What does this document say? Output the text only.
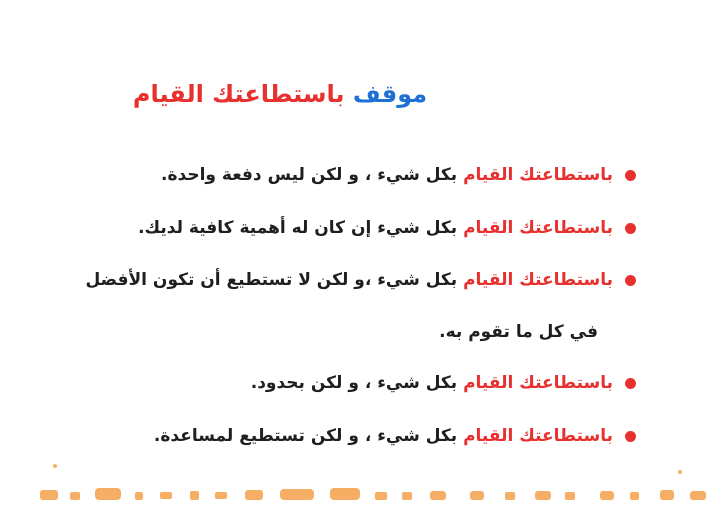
موقف باستطاعتك القيام
باستطاعتك القيام بكل شيء ، و لكن ليس دفعة واحدة.
باستطاعتك القيام بكل شيء إن كان له أهمية كافية لديك.
باستطاعتك القيام بكل شيء ،و لكن لا تستطيع أن تكون الأفضل
في كل ما تقوم به.
باستطاعتك القيام بكل شيء ، و لكن بحدود.
باستطاعتك القيام بكل شيء ، و لكن تستطيع لمساعدة.
